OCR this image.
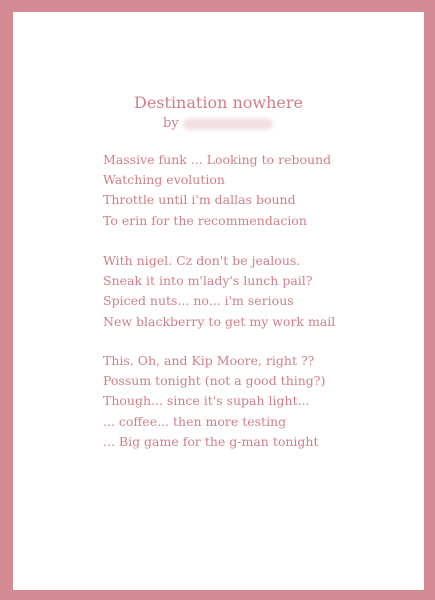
Destination nowhere
by
Massive funk ... Looking to rebound
Watching evolution
Throttle until i'm dallas bound
To erin for the recommendacion
With nigel. Cz don't be jealous.
Sneak it into m'lady's lunch pail?
Spiced nuts... no... i'm serious
New blackberry to get my work mail
This. Oh, and Kip Moore, right ??
Possum tonight (not a good thing?)
Though... since it's supah light...
... coffee... then more testing
... Big game for the g-man tonight
